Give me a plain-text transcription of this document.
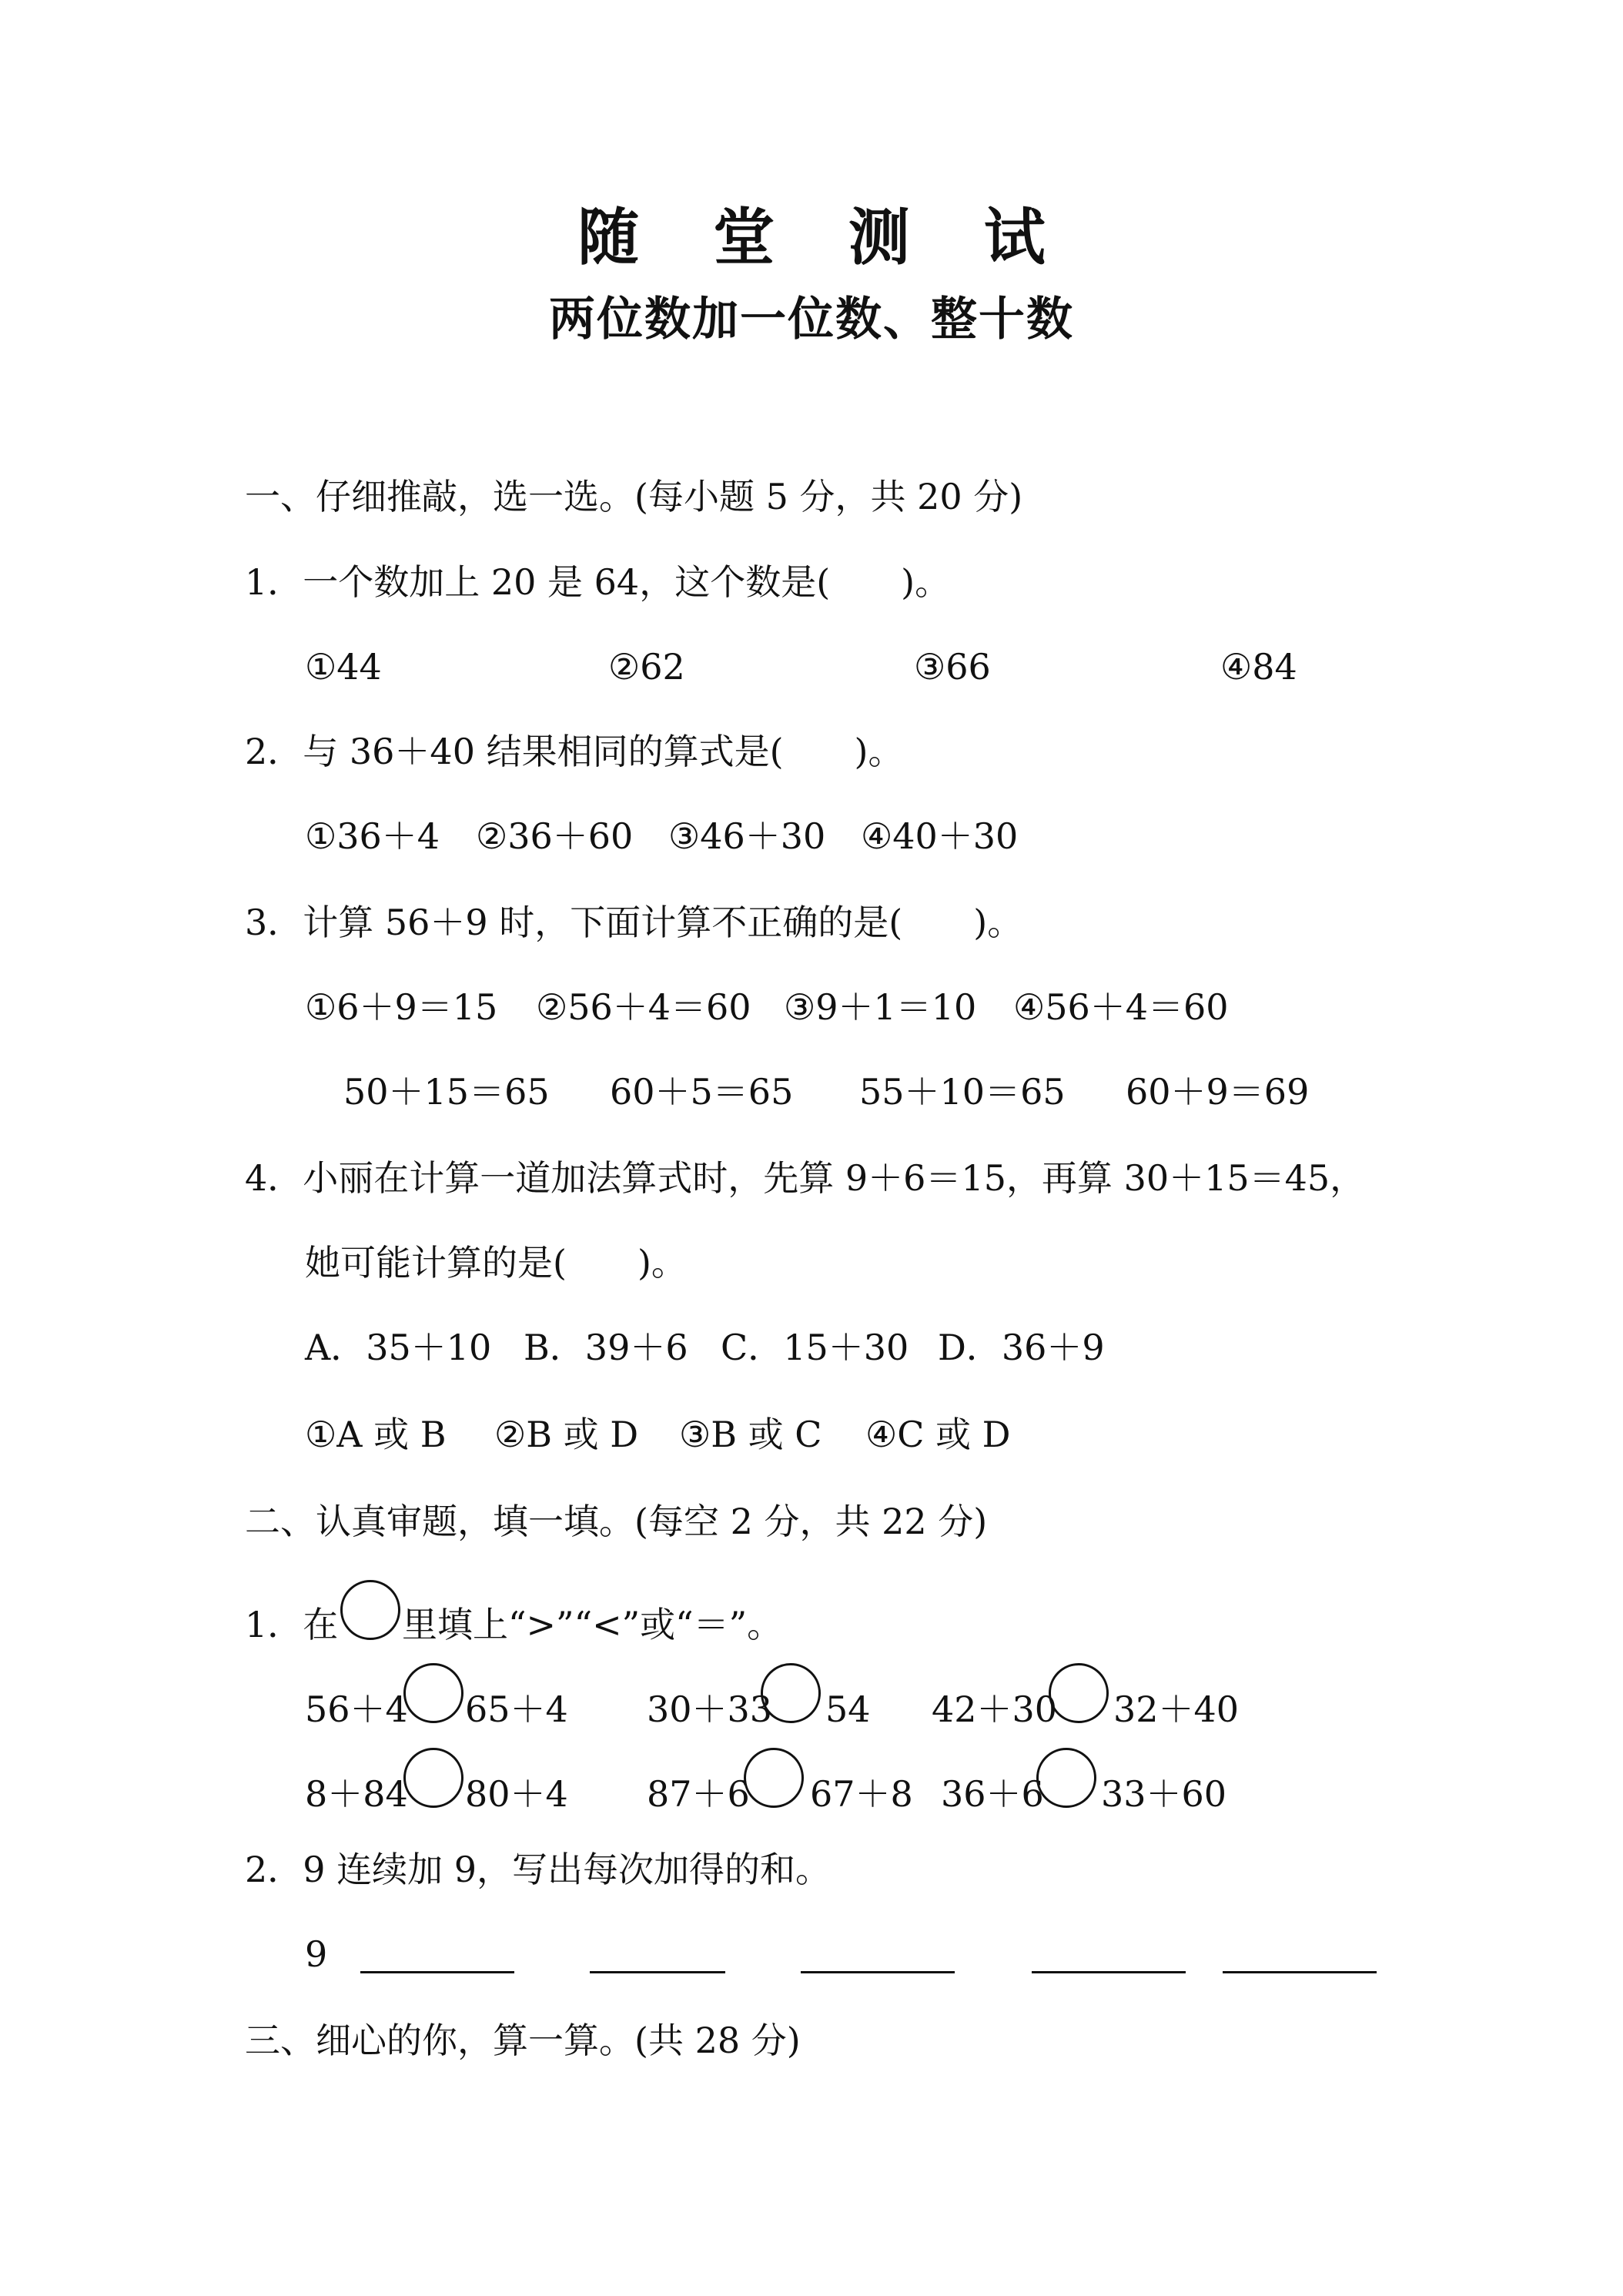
随 堂 测 试
两位数加一位数、整十数
一、仔细推敲，选一选。(每小题 5 分，共 20 分)
1．一个数加上 20 是 64，这个数是(　　)。
①44	②62	③66	④84
2．与 36＋40 结果相同的算式是(　　)。
①36＋4 ②36＋60 ③46＋30 ④40＋30
3．计算 56＋9 时，下面计算不正确的是(　　)。
①6＋9＝15 ②56＋4＝60 ③9＋1＝10 ④56＋4＝60
50＋15＝65 60＋5＝65 55＋10＝65 60＋9＝69
4．小丽在计算一道加法算式时，先算 9＋6＝15，再算 30＋15＝45，
她可能计算的是(　　)。
A．35＋10 B．39＋6 C．15＋30 D．36＋9
①A 或 B ②B 或 D ③B 或 C ④C 或 D
二、认真审题，填一填。(每空 2 分，共 22 分)
1．在 里填上“>”“<”或“＝”。
56＋4 65＋4 30＋33 54 42＋30 32＋40
8＋84 80＋4 87＋6 67＋8 36＋6 33＋60
2．9 连续加 9，写出每次加得的和。
9
三、细心的你，算一算。(共 28 分)
